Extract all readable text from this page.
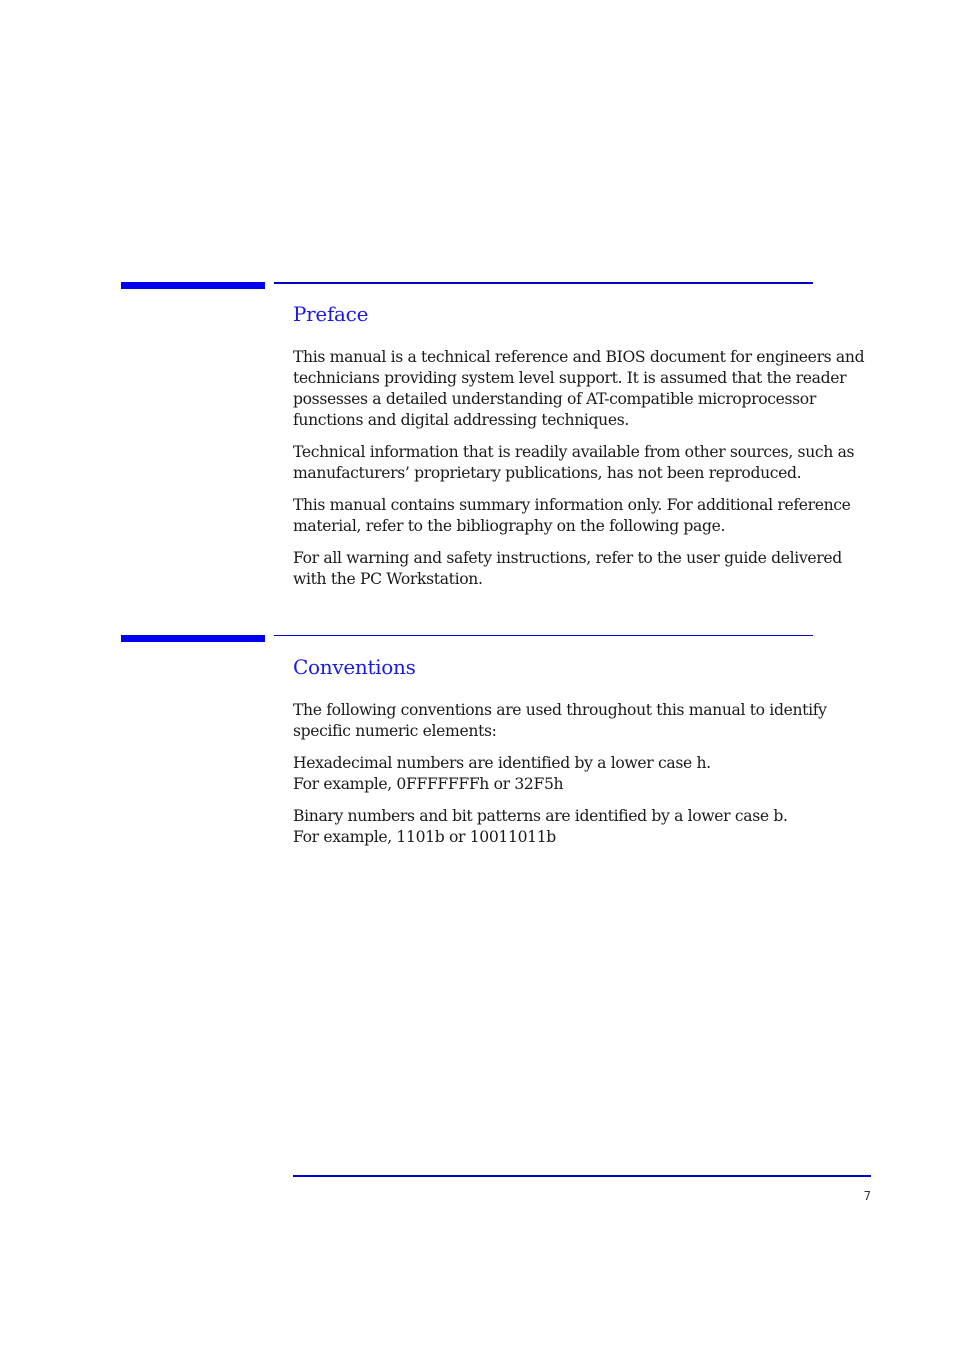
Preface

This manual is a technical reference and BIOS document for engineers and
technicians providing system level support. It is assumed that the reader
possesses a detailed understanding of AT-compatible microprocessor
functions and digital addressing techniques.

Technical information that is readily available from other sources, such as
manufacturers’ proprietary publications, has not been reproduced.

This manual contains summary information only. For additional reference
material, refer to the bibliography on the following page.

For all warning and safety instructions, refer to the user guide delivered
with the PC Workstation.

Conventions

The following conventions are used throughout this manual to identify
specific numeric elements:

Hexadecimal numbers are identified by a lower case h.
For example, 0FFFFFFFh or 32F5h

Binary numbers and bit patterns are identified by a lower case b.
For example, 1101b or 10011011b

7
